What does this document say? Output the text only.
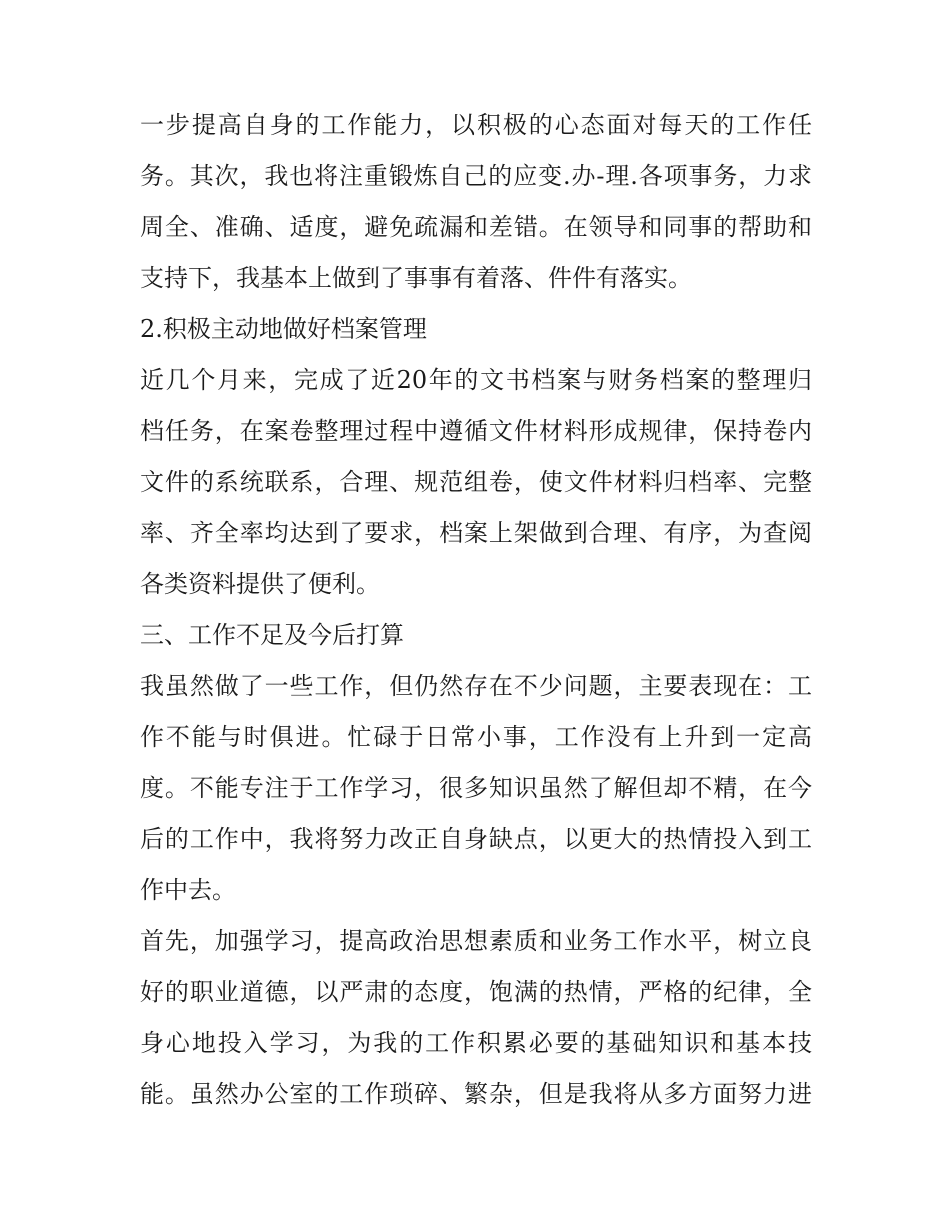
一步提高自身的工作能力，以积极的心态面对每天的工作任
务。其次，我也将注重锻炼自己的应变.办-理.各项事务，力求
周全、准确、适度，避免疏漏和差错。在领导和同事的帮助和
支持下，我基本上做到了事事有着落、件件有落实。
2.积极主动地做好档案管理
近几个月来，完成了近20年的文书档案与财务档案的整理归
档任务，在案卷整理过程中遵循文件材料形成规律，保持卷内
文件的系统联系，合理、规范组卷，使文件材料归档率、完整
率、齐全率均达到了要求，档案上架做到合理、有序，为查阅
各类资料提供了便利。
三、工作不足及今后打算
我虽然做了一些工作，但仍然存在不少问题，主要表现在：工
作不能与时俱进。忙碌于日常小事，工作没有上升到一定高
度。不能专注于工作学习，很多知识虽然了解但却不精，在今
后的工作中，我将努力改正自身缺点，以更大的热情投入到工
作中去。
首先，加强学习，提高政治思想素质和业务工作水平，树立良
好的职业道德，以严肃的态度，饱满的热情，严格的纪律，全
身心地投入学习，为我的工作积累必要的基础知识和基本技
能。虽然办公室的工作琐碎、繁杂，但是我将从多方面努力进
